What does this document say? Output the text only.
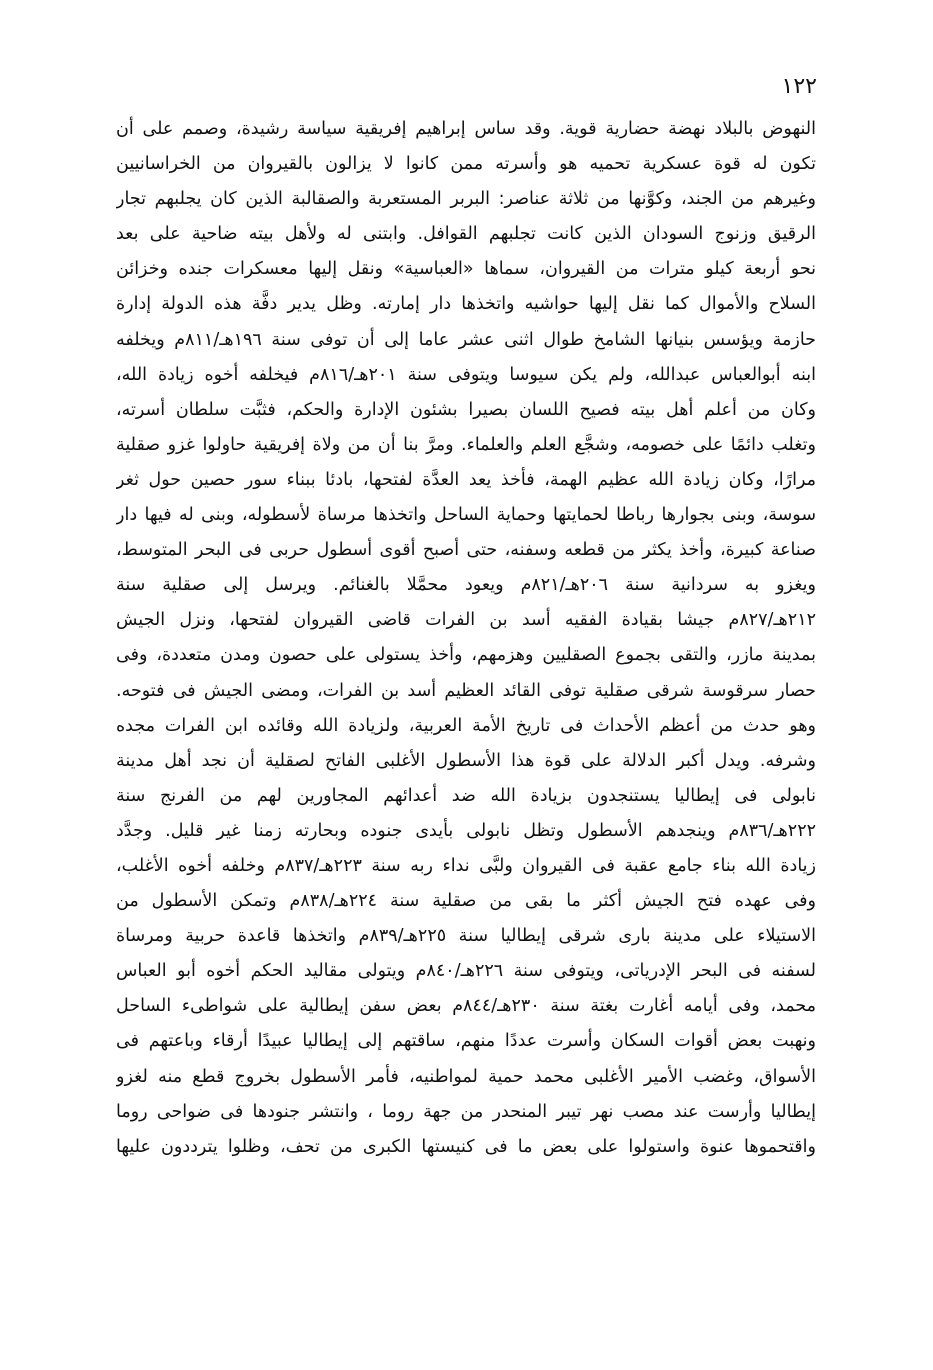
١٢٢
النهوض بالبلاد نهضة حضارية قوية. وقد ساس إبراهيم إفريقية سياسة رشيدة، وصمم على أن
تكون له قوة عسكرية تحميه هو وأسرته ممن كانوا لا يزالون بالقيروان من الخراسانيين
وغيرهم من الجند، وكوَّنها من ثلاثة عناصر: البربر المستعربة والصقالبة الذين كان يجلبهم تجار
الرقيق وزنوج السودان الذين كانت تجلبهم القوافل. وابتنى له ولأهل بيته ضاحية على بعد
نحو أربعة كيلو مترات من القيروان، سماها «العباسية» ونقل إليها معسكرات جنده وخزائن
السلاح والأموال كما نقل إليها حواشيه واتخذها دار إمارته. وظل يدير دفَّة هذه الدولة إدارة
حازمة ويؤسس بنيانها الشامخ طوال اثنى عشر عاما إلى أن توفى سنة ١٩٦هـ/٨١١م ويخلفه
ابنه أبوالعباس عبدالله، ولم يكن سيوسا ويتوفى سنة ٢٠١هـ/٨١٦م فيخلفه أخوه زيادة الله،
وكان من أعلم أهل بيته فصيح اللسان بصيرا بشئون الإدارة والحكم، فثبَّت سلطان أسرته،
وتغلب دائمًا على خصومه، وشجَّع العلم والعلماء. ومرَّ بنا أن من ولاة إفريقية حاولوا غزو صقلية
مرارًا، وكان زيادة الله عظيم الهمة، فأخذ يعد العدَّة لفتحها، بادئا ببناء سور حصين حول ثغر
سوسة، وبنى بجوارها رباطا لحمايتها وحماية الساحل واتخذها مرساة لأسطوله، وبنى له فيها دار
صناعة كبيرة، وأخذ يكثر من قطعه وسفنه، حتى أصبح أقوى أسطول حربى فى البحر المتوسط،
ويغزو به سردانية سنة ٢٠٦هـ/٨٢١م ويعود محمَّلا بالغنائم. ويرسل إلى صقلية سنة
٢١٢هـ/٨٢٧م جيشا بقيادة الفقيه أسد بن الفرات قاضى القيروان لفتحها، ونزل الجيش
بمدينة مازر، والتقى بجموع الصقليين وهزمهم، وأخذ يستولى على حصون ومدن متعددة، وفى
حصار سرقوسة شرقى صقلية توفى القائد العظيم أسد بن الفرات، ومضى الجيش فى فتوحه.
وهو حدث من أعظم الأحداث فى تاريخ الأمة العربية، ولزيادة الله وقائده ابن الفرات مجده
وشرفه. ويدل أكبر الدلالة على قوة هذا الأسطول الأغلبى الفاتح لصقلية أن نجد أهل مدينة
نابولى فى إيطاليا يستنجدون بزيادة الله ضد أعدائهم المجاورين لهم من الفرنج سنة
٢٢٢هـ/٨٣٦م وينجدهم الأسطول وتظل نابولى بأيدى جنوده وبحارته زمنا غير قليل. وجدَّد
زيادة الله بناء جامع عقبة فى القيروان ولبَّى نداء ربه سنة ٢٢٣هـ/٨٣٧م وخلفه أخوه الأغلب،
وفى عهده فتح الجيش أكثر ما بقى من صقلية سنة ٢٢٤هـ/٨٣٨م وتمكن الأسطول من
الاستيلاء على مدينة بارى شرقى إيطاليا سنة ٢٢٥هـ/٨٣٩م واتخذها قاعدة حربية ومرساة
لسفنه فى البحر الإدرياتى، ويتوفى سنة ٢٢٦هـ/٨٤٠م ويتولى مقاليد الحكم أخوه أبو العباس
محمد، وفى أيامه أغارت بغتة سنة ٢٣٠هـ/٨٤٤م بعض سفن إيطالية على شواطىء الساحل
ونهبت بعض أقوات السكان وأسرت عددًا منهم، ساقتهم إلى إيطاليا عبيدًا أرقاء وباعتهم فى
الأسواق، وغضب الأمير الأغلبى محمد حمية لمواطنيه، فأمر الأسطول بخروج قطع منه لغزو
إيطاليا وأرست عند مصب نهر تيبر المنحدر من جهة روما ، وانتشر جنودها فى ضواحى روما
واقتحموها عنوة واستولوا على بعض ما فى كنيستها الكبرى من تحف، وظلوا يترددون عليها
